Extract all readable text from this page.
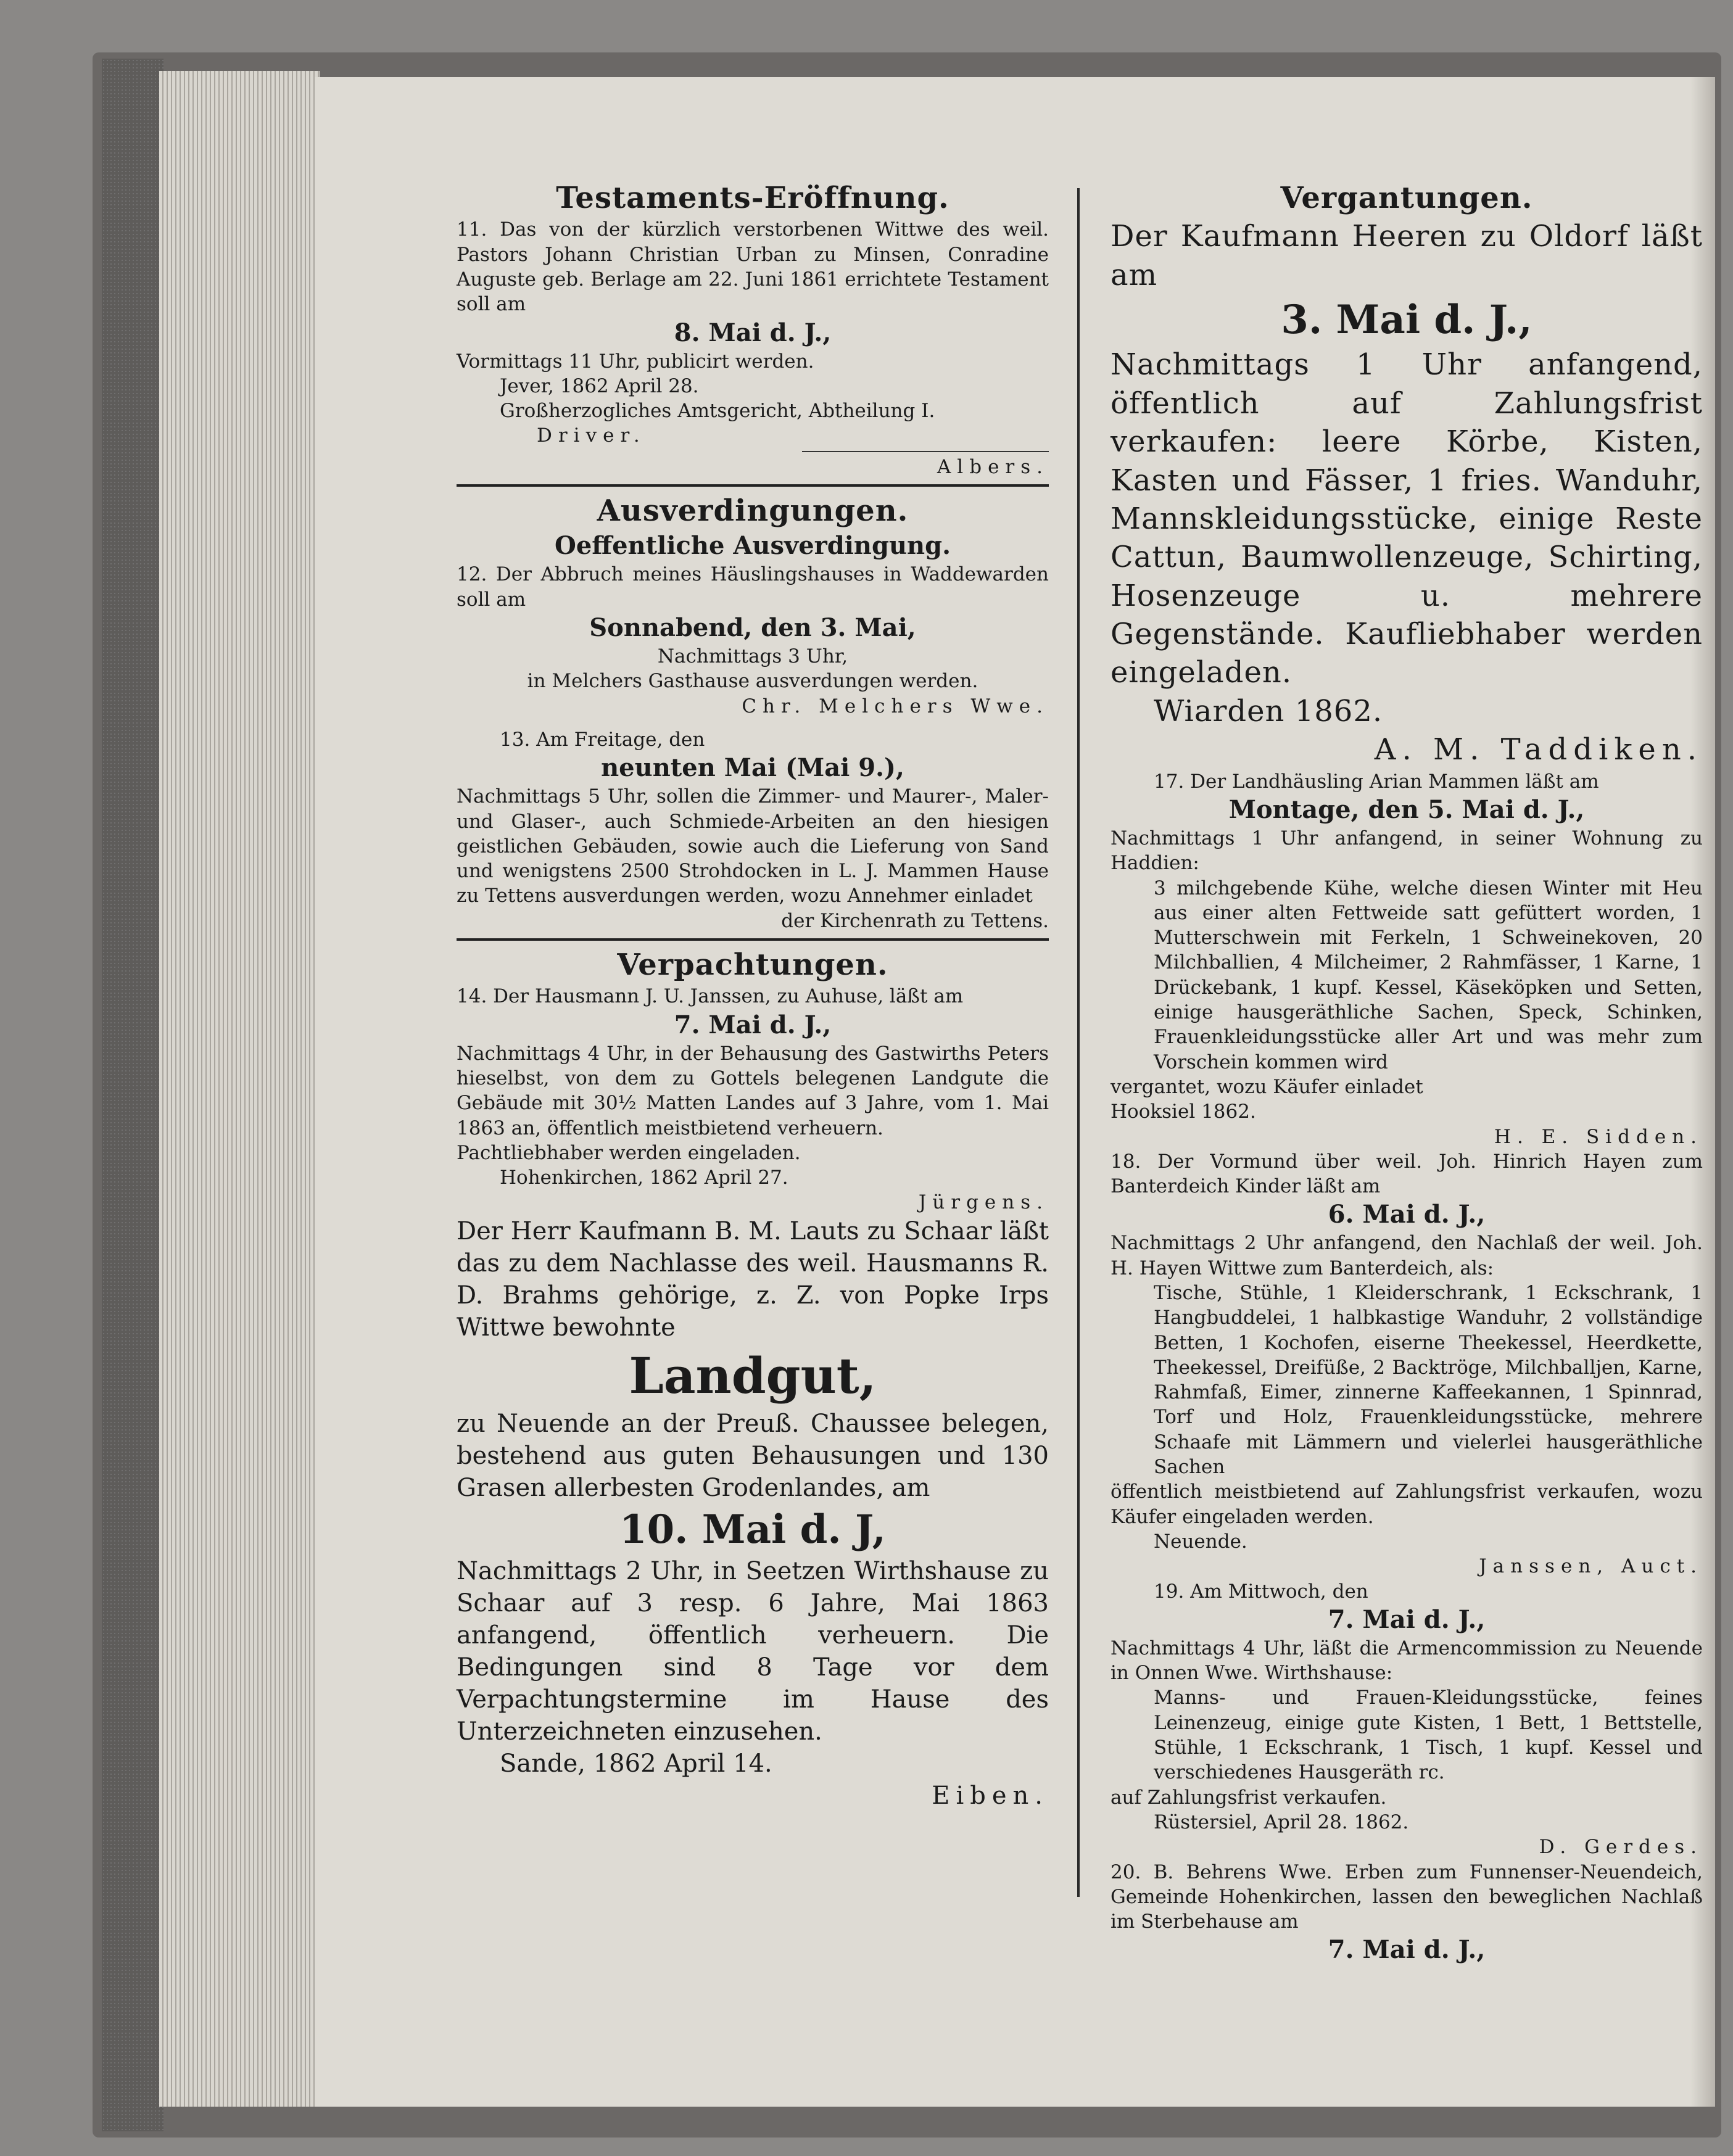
Testaments-Eröffnung.

11. Das von der kürzlich verstorbenen Wittwe des weil. Pastors Johann Christian Urban zu Minsen, Conradine Auguste geb. Berlage am 22. Juni 1861 errichtete Testament soll am

8. Mai d. J.,

Vormittags 11 Uhr, publicirt werden.

Jever, 1862 April 28.

Großherzogliches Amtsgericht, Abtheilung I.

Driver.

Albers.

Ausverdingungen.

Oeffentliche Ausverdingung.

12. Der Abbruch meines Häuslingshauses in Waddewarden soll am

Sonnabend, den 3. Mai,

Nachmittags 3 Uhr,

in Melchers Gasthause ausverdungen werden.

Chr. Melchers Wwe.

13. Am Freitage, den

neunten Mai (Mai 9.),

Nachmittags 5 Uhr, sollen die Zimmer- und Maurer-, Maler- und Glaser-, auch Schmiede-Arbeiten an den hiesigen geistlichen Gebäuden, sowie auch die Lieferung von Sand und wenigstens 2500 Strohdocken in L. J. Mammen Hause zu Tettens ausverdungen werden, wozu Annehmer einladet

der Kirchenrath zu Tettens.

Verpachtungen.

14. Der Hausmann J. U. Janssen, zu Auhuse, läßt am

7. Mai d. J.,

Nachmittags 4 Uhr, in der Behausung des Gastwirths Peters hieselbst, von dem zu Gottels belegenen Landgute die Gebäude mit 30½ Matten Landes auf 3 Jahre, vom 1. Mai 1863 an, öffentlich meistbietend verheuern.

Pachtliebhaber werden eingeladen.

Hohenkirchen, 1862 April 27.

Jürgens.

Der Herr Kaufmann B. M. Lauts zu Schaar läßt das zu dem Nachlasse des weil. Hausmanns R. D. Brahms gehörige, z. Z. von Popke Irps Wittwe bewohnte

Landgut,

zu Neuende an der Preuß. Chaussee belegen, bestehend aus guten Behausungen und 130 Grasen allerbesten Grodenlandes, am

10. Mai d. J,

Nachmittags 2 Uhr, in Seetzen Wirthshause zu Schaar auf 3 resp. 6 Jahre, Mai 1863 anfangend, öffentlich verheuern. Die Bedingungen sind 8 Tage vor dem Verpachtungstermine im Hause des Unterzeichneten einzusehen.

Sande, 1862 April 14.

Eiben.

Vergantungen.

Der Kaufmann Heeren zu Oldorf läßt am

3. Mai d. J.,

Nachmittags 1 Uhr anfangend, öffentlich auf Zahlungsfrist verkaufen: leere Körbe, Kisten, Kasten und Fässer, 1 fries. Wanduhr, Mannskleidungsstücke, einige Reste Cattun, Baumwollenzeuge, Schirting, Hosenzeuge u. mehrere Gegenstände. Kaufliebhaber werden eingeladen.

Wiarden 1862.

A. M. Taddiken.

17. Der Landhäusling Arian Mammen läßt am

Montage, den 5. Mai d. J.,

Nachmittags 1 Uhr anfangend, in seiner Wohnung zu Haddien:

3 milchgebende Kühe, welche diesen Winter mit Heu aus einer alten Fettweide satt gefüttert worden, 1 Mutterschwein mit Ferkeln, 1 Schweinekoven, 20 Milchballien, 4 Milcheimer, 2 Rahmfässer, 1 Karne, 1 Drückebank, 1 kupf. Kessel, Käseköpken und Setten, einige hausgeräthliche Sachen, Speck, Schinken, Frauenkleidungsstücke aller Art und was mehr zum Vorschein kommen wird

vergantet, wozu Käufer einladet

Hooksiel 1862.

H. E. Sidden.

18. Der Vormund über weil. Joh. Hinrich Hayen zum Banterdeich Kinder läßt am

6. Mai d. J.,

Nachmittags 2 Uhr anfangend, den Nachlaß der weil. Joh. H. Hayen Wittwe zum Banterdeich, als:

Tische, Stühle, 1 Kleiderschrank, 1 Eckschrank, 1 Hangbuddelei, 1 halbkastige Wanduhr, 2 vollständige Betten, 1 Kochofen, eiserne Theekessel, Heerdkette, Theekessel, Dreifüße, 2 Backtröge, Milchballjen, Karne, Rahmfaß, Eimer, zinnerne Kaffeekannen, 1 Spinnrad, Torf und Holz, Frauenkleidungsstücke, mehrere Schaafe mit Lämmern und vielerlei hausgeräthliche Sachen

öffentlich meistbietend auf Zahlungsfrist verkaufen, wozu Käufer eingeladen werden.

Neuende.

Janssen, Auct.

19. Am Mittwoch, den

7. Mai d. J.,

Nachmittags 4 Uhr, läßt die Armencommission zu Neuende in Onnen Wwe. Wirthshause:

Manns- und Frauen-Kleidungsstücke, feines Leinenzeug, einige gute Kisten, 1 Bett, 1 Bettstelle, Stühle, 1 Eckschrank, 1 Tisch, 1 kupf. Kessel und verschiedenes Hausgeräth rc.

auf Zahlungsfrist verkaufen.

Rüstersiel, April 28. 1862.

D. Gerdes.

20. B. Behrens Wwe. Erben zum Funnenser-Neuendeich, Gemeinde Hohenkirchen, lassen den beweglichen Nachlaß im Sterbehause am

7. Mai d. J.,
